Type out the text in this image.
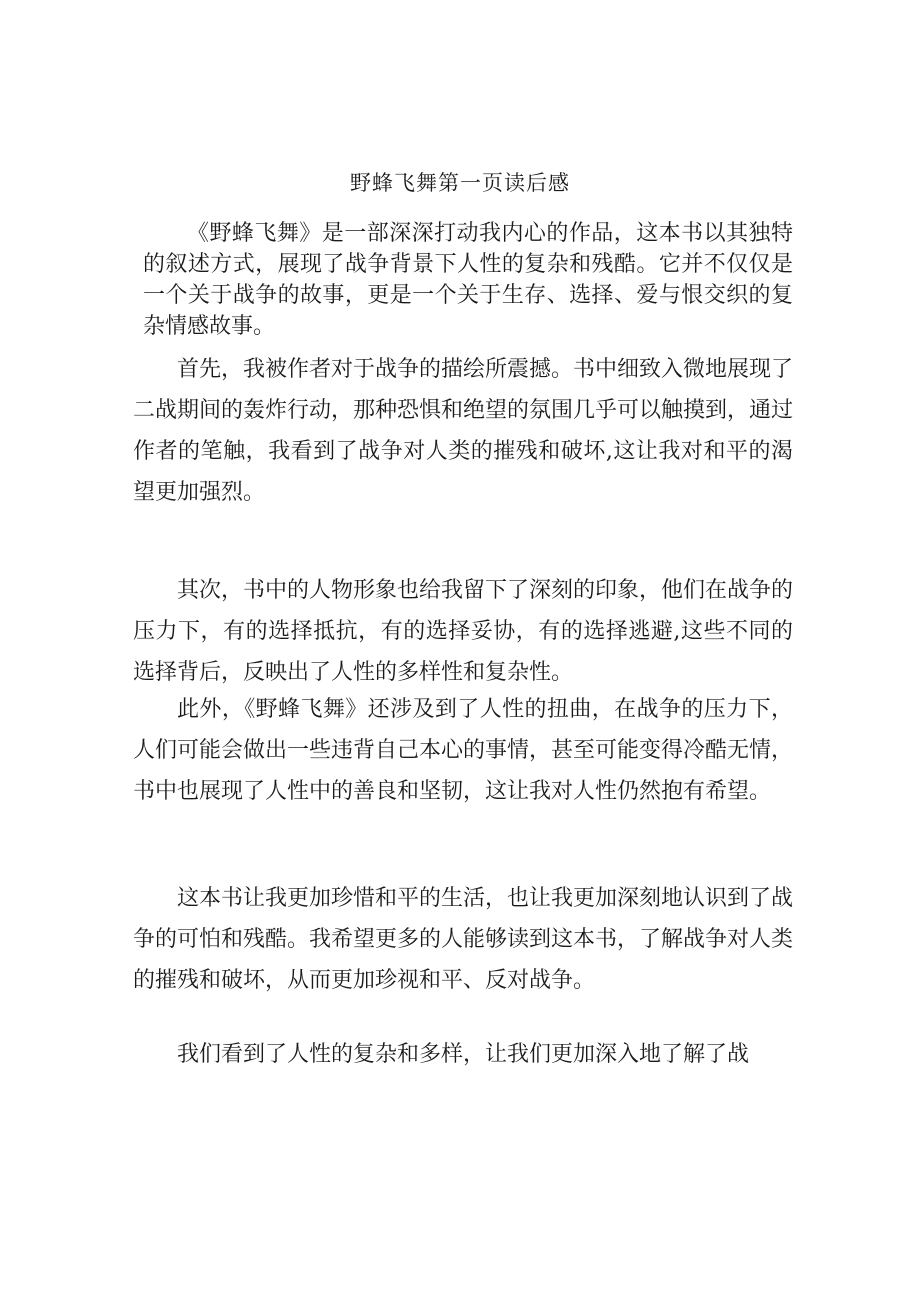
野蜂飞舞第一页读后感

《野蜂飞舞》是一部深深打动我内心的作品，这本书以其独特的叙述方式，展现了战争背景下人性的复杂和残酷。它并不仅仅是一个关于战争的故事，更是一个关于生存、选择、爱与恨交织的复杂情感故事。

首先，我被作者对于战争的描绘所震撼。书中细致入微地展现了二战期间的轰炸行动，那种恐惧和绝望的氛围几乎可以触摸到，通过作者的笔触，我看到了战争对人类的摧残和破坏,这让我对和平的渴望更加强烈。

其次，书中的人物形象也给我留下了深刻的印象，他们在战争的压力下，有的选择抵抗，有的选择妥协，有的选择逃避,这些不同的选择背后，反映出了人性的多样性和复杂性。

此外，《野蜂飞舞》还涉及到了人性的扭曲，在战争的压力下，人们可能会做出一些违背自己本心的事情，甚至可能变得冷酷无情，书中也展现了人性中的善良和坚韧，这让我对人性仍然抱有希望。

这本书让我更加珍惜和平的生活，也让我更加深刻地认识到了战争的可怕和残酷。我希望更多的人能够读到这本书，了解战争对人类的摧残和破坏，从而更加珍视和平、反对战争。

我们看到了人性的复杂和多样，让我们更加深入地了解了战
